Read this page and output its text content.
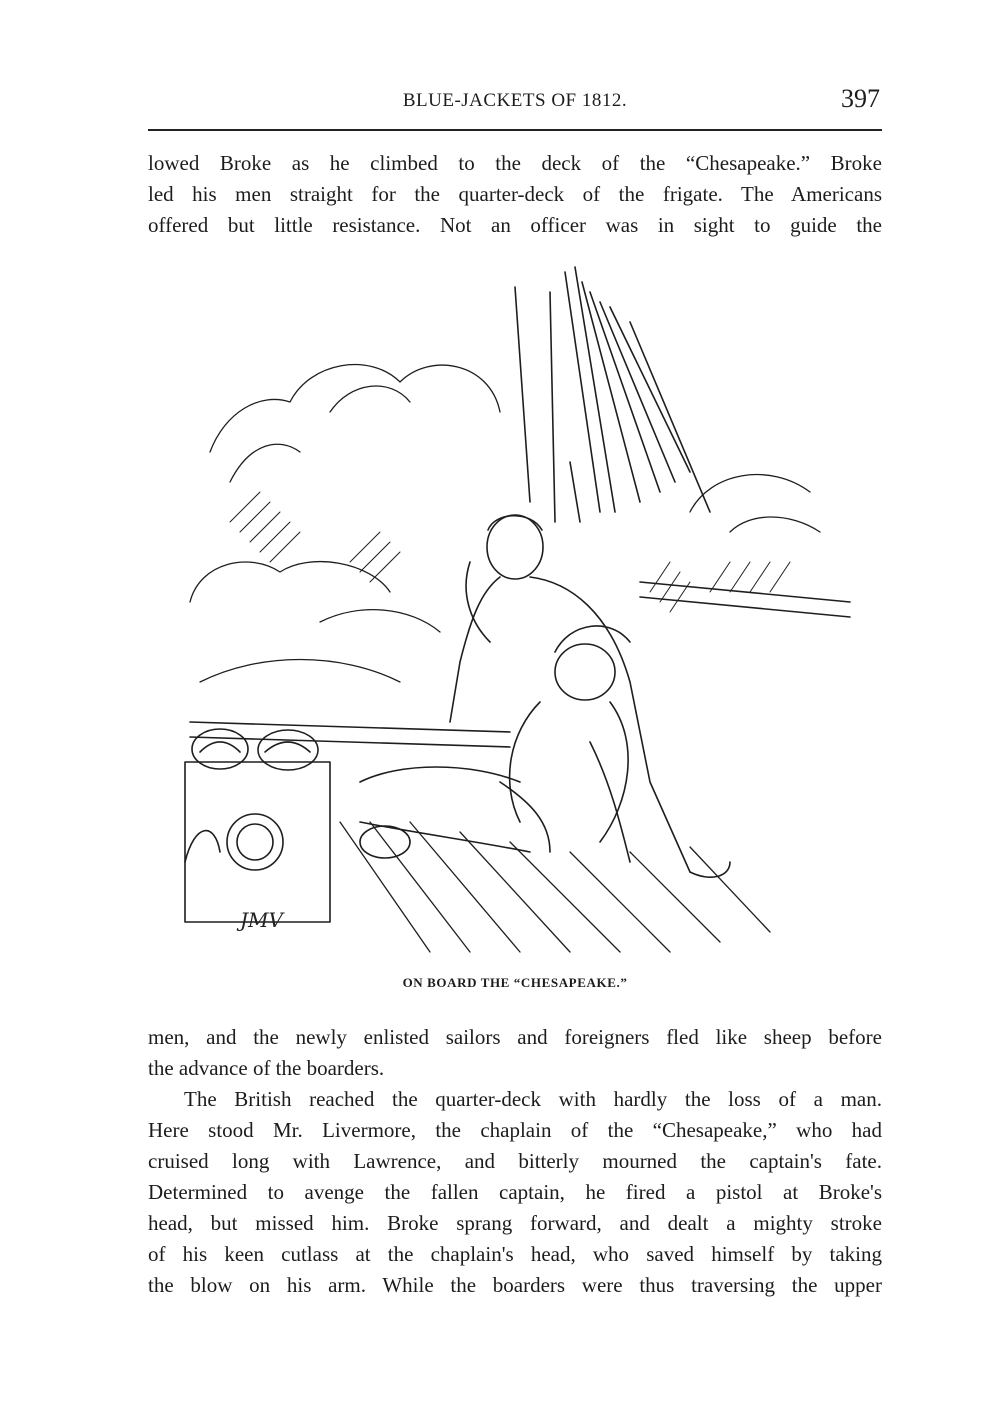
BLUE-JACKETS OF 1812.	397

lowed Broke as he climbed to the deck of the “Chesapeake.” Broke
led his men straight for the quarter-deck of the frigate. The Americans
offered but little resistance. Not an officer was in sight to guide the

JMV
ON BOARD THE “CHESAPEAKE.”

men, and the newly enlisted sailors and foreigners fled like sheep before
the advance of the boarders.

The British reached the quarter-deck with hardly the loss of a man.
Here stood Mr. Livermore, the chaplain of the “Chesapeake,” who had
cruised long with Lawrence, and bitterly mourned the captain's fate.
Determined to avenge the fallen captain, he fired a pistol at Broke's
head, but missed him. Broke sprang forward, and dealt a mighty stroke
of his keen cutlass at the chaplain's head, who saved himself by taking
the blow on his arm. While the boarders were thus traversing the upper
